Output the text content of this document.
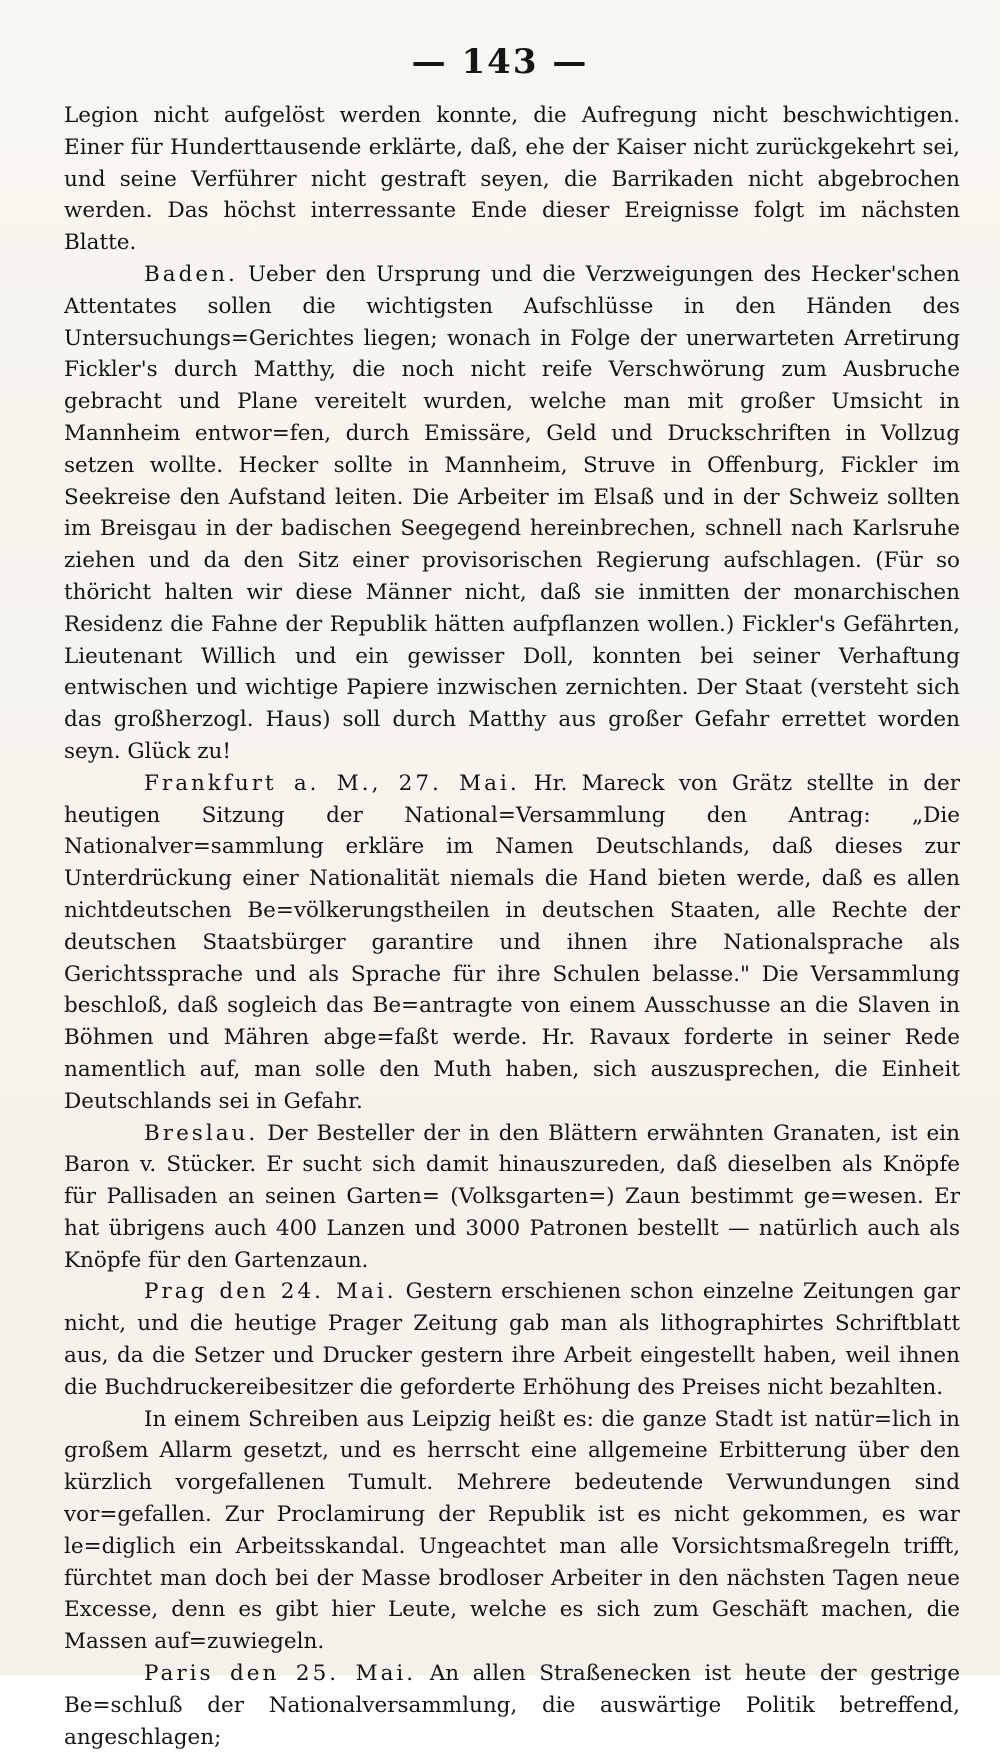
— 143 —

Legion nicht aufgelöst werden konnte, die Aufregung nicht beschwichtigen. Einer für Hunderttausende erklärte, daß, ehe der Kaiser nicht zurückgekehrt sei, und seine Verführer nicht gestraft seyen, die Barrikaden nicht abgebrochen werden. Das höchst interressante Ende dieser Ereignisse folgt im nächsten Blatte.

Baden. Ueber den Ursprung und die Verzweigungen des Hecker'schen Attentates sollen die wichtigsten Aufschlüsse in den Händen des Untersuchungs=Gerichtes liegen; wonach in Folge der unerwarteten Arretirung Fickler's durch Matthy, die noch nicht reife Verschwörung zum Ausbruche gebracht und Plane vereitelt wurden, welche man mit großer Umsicht in Mannheim entwor=fen, durch Emissäre, Geld und Druckschriften in Vollzug setzen wollte. Hecker sollte in Mannheim, Struve in Offenburg, Fickler im Seekreise den Aufstand leiten. Die Arbeiter im Elsaß und in der Schweiz sollten im Breisgau in der badischen Seegegend hereinbrechen, schnell nach Karlsruhe ziehen und da den Sitz einer provisorischen Regierung aufschlagen. (Für so thöricht halten wir diese Männer nicht, daß sie inmitten der monarchischen Residenz die Fahne der Republik hätten aufpflanzen wollen.) Fickler's Gefährten, Lieutenant Willich und ein gewisser Doll, konnten bei seiner Verhaftung entwischen und wichtige Papiere inzwischen zernichten. Der Staat (versteht sich das großherzogl. Haus) soll durch Matthy aus großer Gefahr errettet worden seyn. Glück zu!

Frankfurt a. M., 27. Mai. Hr. Mareck von Grätz stellte in der heutigen Sitzung der National=Versammlung den Antrag: „Die Nationalver=sammlung erkläre im Namen Deutschlands, daß dieses zur Unterdrückung einer Nationalität niemals die Hand bieten werde, daß es allen nichtdeutschen Be=völkerungstheilen in deutschen Staaten, alle Rechte der deutschen Staatsbürger garantire und ihnen ihre Nationalsprache als Gerichtssprache und als Sprache für ihre Schulen belasse." Die Versammlung beschloß, daß sogleich das Be=antragte von einem Ausschusse an die Slaven in Böhmen und Mähren abge=faßt werde. Hr. Ravaux forderte in seiner Rede namentlich auf, man solle den Muth haben, sich auszusprechen, die Einheit Deutschlands sei in Gefahr.

Breslau. Der Besteller der in den Blättern erwähnten Granaten, ist ein Baron v. Stücker. Er sucht sich damit hinauszureden, daß dieselben als Knöpfe für Pallisaden an seinen Garten= (Volksgarten=) Zaun bestimmt ge=wesen. Er hat übrigens auch 400 Lanzen und 3000 Patronen bestellt — natürlich auch als Knöpfe für den Gartenzaun.

Prag den 24. Mai. Gestern erschienen schon einzelne Zeitungen gar nicht, und die heutige Prager Zeitung gab man als lithographirtes Schriftblatt aus, da die Setzer und Drucker gestern ihre Arbeit eingestellt haben, weil ihnen die Buchdruckereibesitzer die geforderte Erhöhung des Preises nicht bezahlten.

In einem Schreiben aus Leipzig heißt es: die ganze Stadt ist natür=lich in großem Allarm gesetzt, und es herrscht eine allgemeine Erbitterung über den kürzlich vorgefallenen Tumult. Mehrere bedeutende Verwundungen sind vor=gefallen. Zur Proclamirung der Republik ist es nicht gekommen, es war le=diglich ein Arbeitsskandal. Ungeachtet man alle Vorsichtsmaßregeln trifft, fürchtet man doch bei der Masse brodloser Arbeiter in den nächsten Tagen neue Excesse, denn es gibt hier Leute, welche es sich zum Geschäft machen, die Massen auf=zuwiegeln.

Paris den 25. Mai. An allen Straßenecken ist heute der gestrige Be=schluß der Nationalversammlung, die auswärtige Politik betreffend, angeschlagen;
